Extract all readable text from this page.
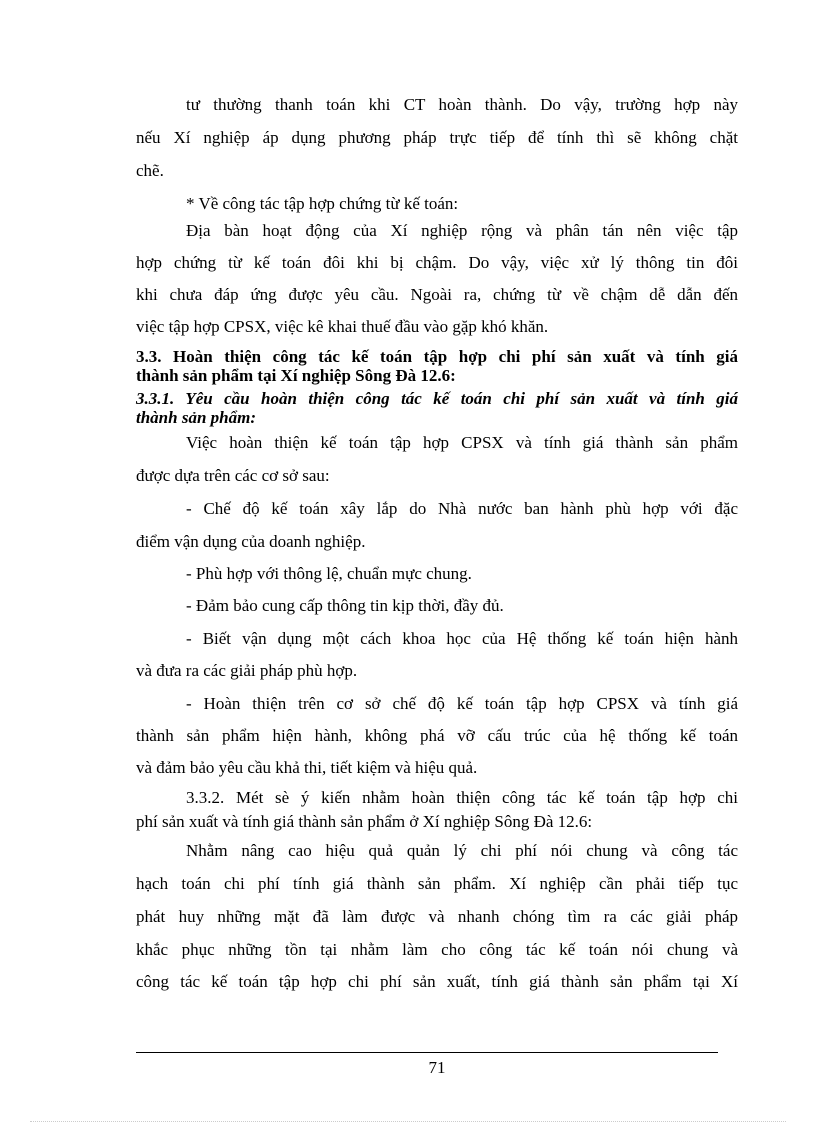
tư thường thanh toán khi CT hoàn thành. Do vậy, trường hợp này
nếu Xí nghiệp áp dụng phương pháp trực tiếp để tính thì sẽ không chặt
chẽ.
* Về công tác tập hợp chứng từ kế toán:
Địa bàn hoạt động của Xí nghiệp rộng và phân tán nên việc tập
hợp chứng từ kế toán đôi khi bị chậm. Do vậy, việc xử lý thông tin đôi
khi chưa đáp ứng được yêu cầu. Ngoài ra, chứng từ về chậm dễ dẫn đến
việc tập hợp CPSX, việc kê khai thuế đầu vào gặp khó khăn.
3.3. Hoàn thiện công tác kế toán tập hợp chi phí sản xuất và tính giá
thành sản phẩm tại Xí nghiệp Sông Đà 12.6:
3.3.1. Yêu cầu hoàn thiện công tác kế toán chi phí sản xuất và tính giá
thành sản phẩm:
Việc hoàn thiện kế toán tập hợp CPSX và tính giá thành sản phẩm
được dựa trên các cơ sở sau:
- Chế độ kế toán xây lắp do Nhà nước ban hành phù hợp với đặc
điểm vận dụng của doanh nghiệp.
- Phù hợp với thông lệ, chuẩn mực chung.
- Đảm bảo cung cấp thông tin kịp thời, đầy đủ.
- Biết vận dụng một cách khoa học của Hệ thống kế toán hiện hành
và đưa ra các giải pháp phù hợp.
- Hoàn thiện trên cơ sở chế độ kế toán tập hợp CPSX và tính giá
thành sản phẩm hiện hành, không phá vỡ cấu trúc của hệ thống kế toán
và đảm bảo yêu cầu khả thi, tiết kiệm và hiệu quả.
3.3.2. Mét sè ý kiến nhằm hoàn thiện công tác kế toán tập hợp chi
phí sản xuất và tính giá thành sản phẩm ở Xí nghiệp Sông Đà 12.6:
Nhằm nâng cao hiệu quả quản lý chi phí nói chung và công tác
hạch toán chi phí tính giá thành sản phẩm. Xí nghiệp cần phải tiếp tục
phát huy những mặt đã làm được và nhanh chóng tìm ra các giải pháp
khắc phục những tồn tại nhằm làm cho công tác kế toán nói chung và
công tác kế toán tập hợp chi phí sản xuất, tính giá thành sản phẩm tại Xí
71
